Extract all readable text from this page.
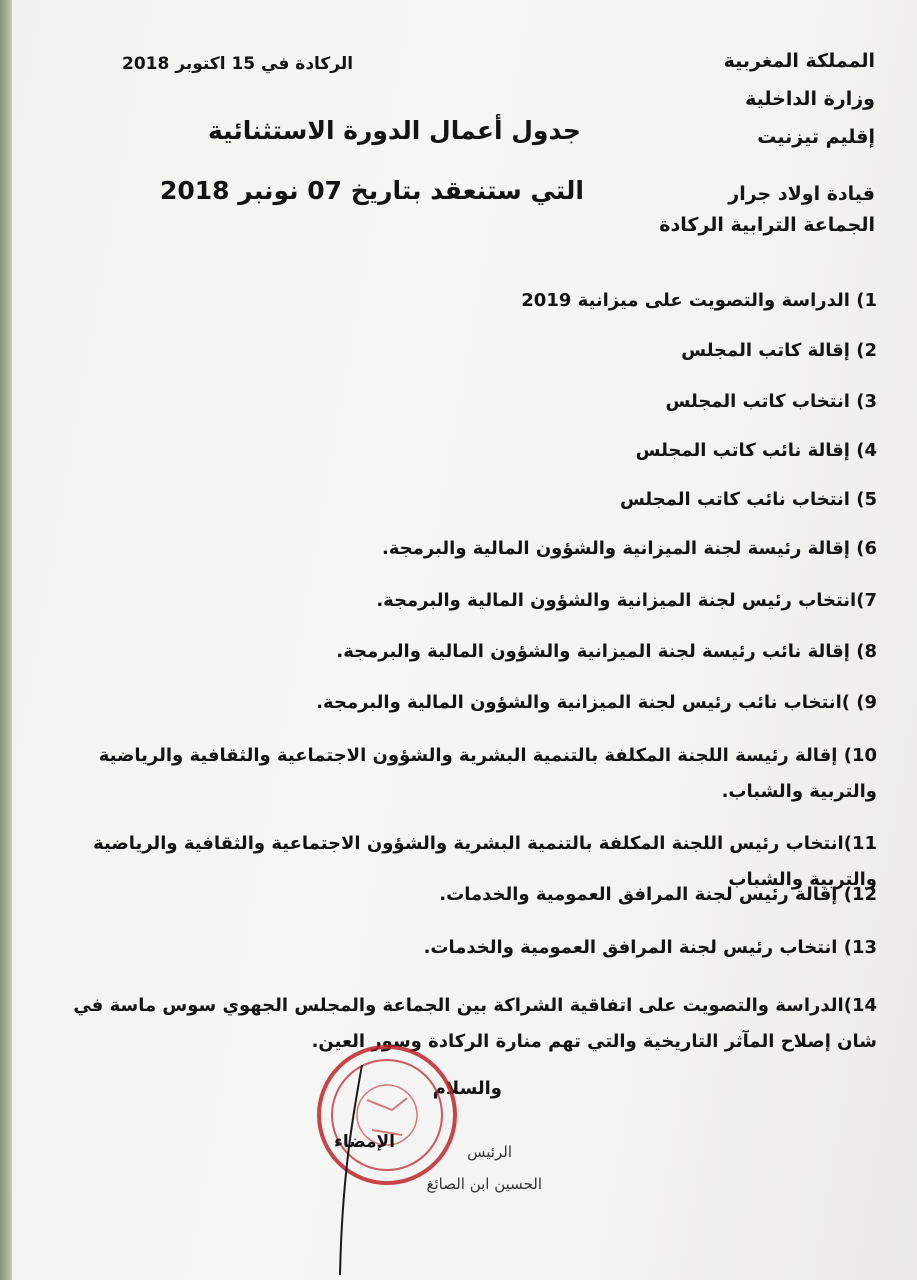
المملكة المغربية
وزارة الداخلية
إقليم تيزنيت
قيادة اولاد جرار
الجماعة الترابية الركادة
الركادة في 15 اكتوبر 2018
جدول أعمال الدورة الاستثنائية
التي ستنعقد بتاريخ 07 نونبر 2018
1) الدراسة والتصويت على ميزانية 2019
2) إقالة كاتب المجلس
3) انتخاب كاتب المجلس
4) إقالة نائب كاتب المجلس
5) انتخاب نائب كاتب المجلس
6) إقالة رئيسة لجنة الميزانية والشؤون المالية والبرمجة.
7)انتخاب رئيس لجنة الميزانية والشؤون المالية والبرمجة.
8) إقالة نائب رئيسة لجنة الميزانية والشؤون المالية والبرمجة.
9) )انتخاب نائب رئيس لجنة الميزانية والشؤون المالية والبرمجة.
10) إقالة رئيسة اللجنة المكلفة بالتنمية البشرية والشؤون الاجتماعية والثقافية والرياضية والتربية والشباب.
11)انتخاب رئيس اللجنة المكلفة بالتنمية البشرية والشؤون الاجتماعية والثقافية والرياضية والتربية والشباب
12) إقالة رئيس لجنة المرافق العمومية والخدمات.
13) انتخاب رئيس لجنة المرافق العمومية والخدمات.
14)الدراسة والتصويت على اتفاقية الشراكة بين الجماعة والمجلس الجهوي سوس ماسة في شان إصلاح المآثر التاريخية والتي تهم منارة الركادة وسور العين.
والسلام
الإمضاء	الرئيس
الحسين ابن الصائغ
